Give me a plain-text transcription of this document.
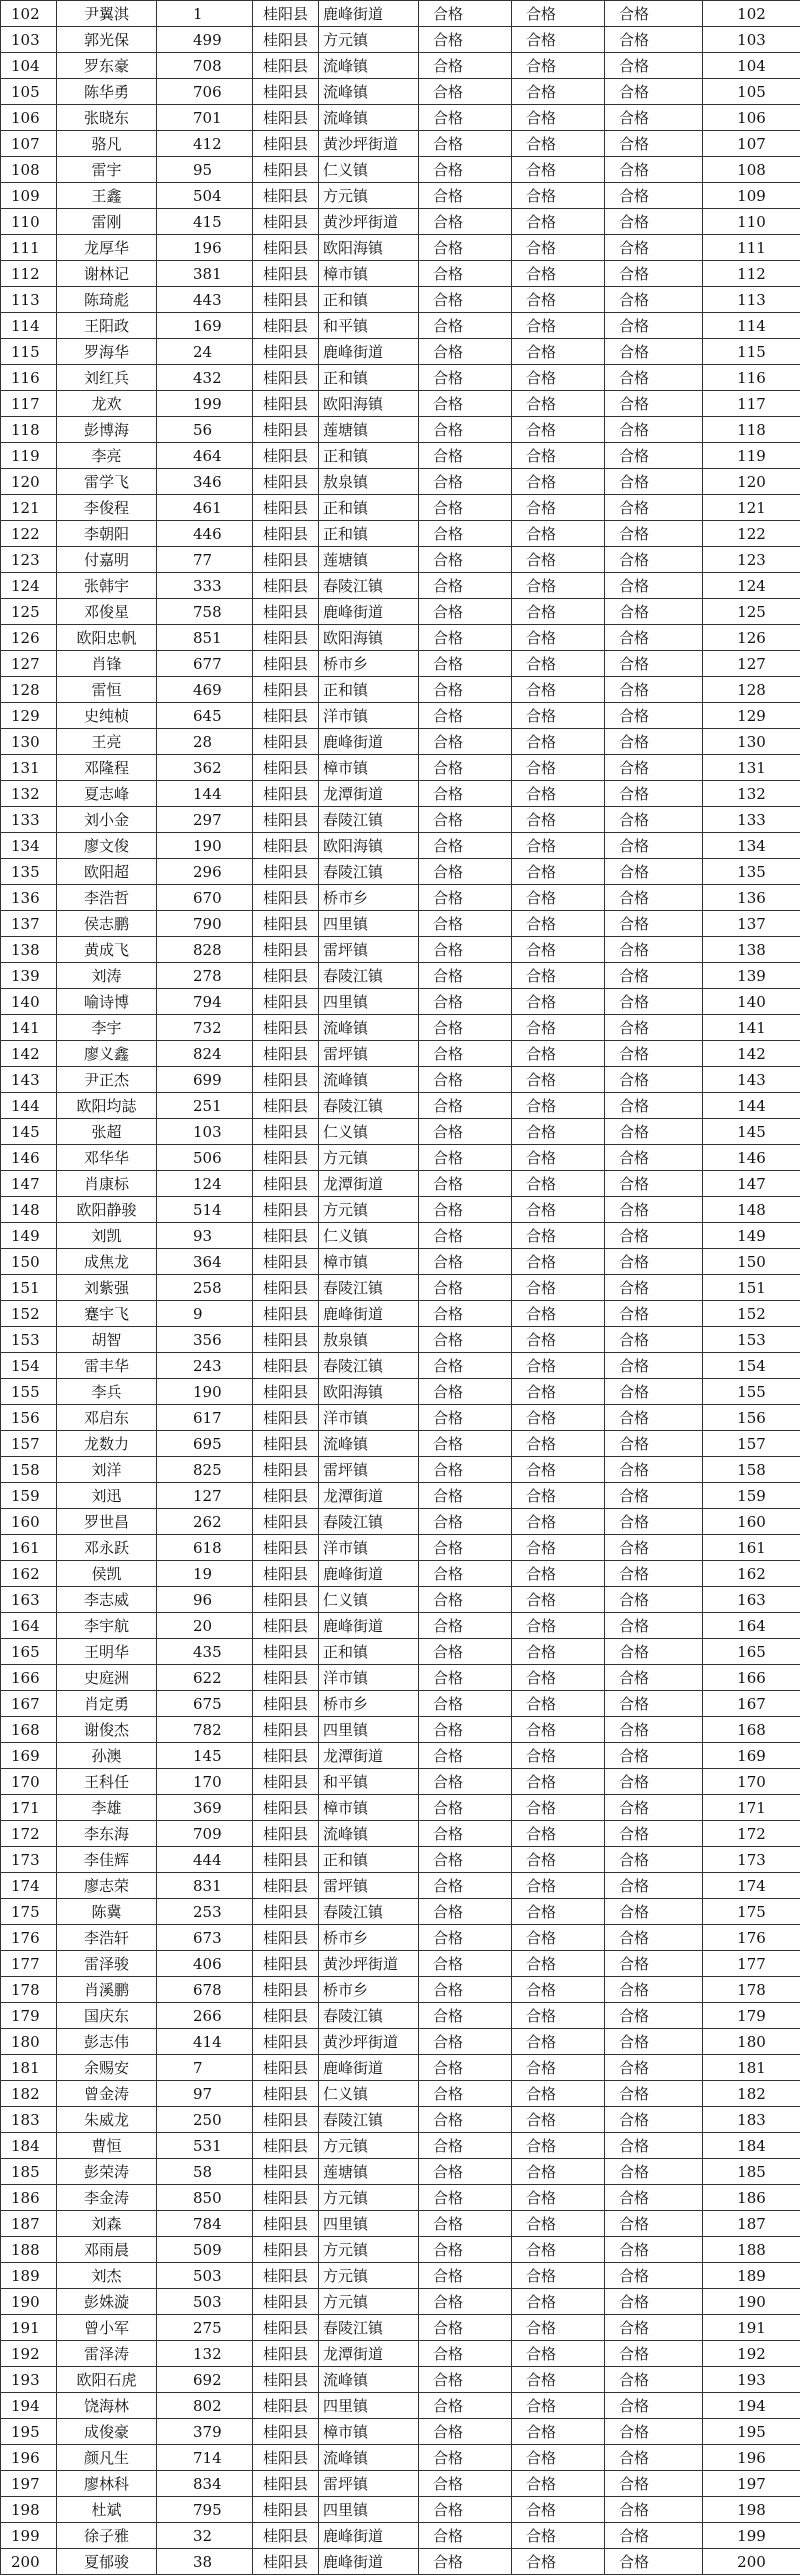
102	尹翼淇	1	桂阳县	鹿峰街道	合格	合格	合格	102
103	郭光保	499	桂阳县	方元镇	合格	合格	合格	103
104	罗东豪	708	桂阳县	流峰镇	合格	合格	合格	104
105	陈华勇	706	桂阳县	流峰镇	合格	合格	合格	105
106	张晓东	701	桂阳县	流峰镇	合格	合格	合格	106
107	骆凡	412	桂阳县	黄沙坪街道	合格	合格	合格	107
108	雷宇	95	桂阳县	仁义镇	合格	合格	合格	108
109	王鑫	504	桂阳县	方元镇	合格	合格	合格	109
110	雷刚	415	桂阳县	黄沙坪街道	合格	合格	合格	110
111	龙厚华	196	桂阳县	欧阳海镇	合格	合格	合格	111
112	谢林记	381	桂阳县	樟市镇	合格	合格	合格	112
113	陈琦彪	443	桂阳县	正和镇	合格	合格	合格	113
114	王阳政	169	桂阳县	和平镇	合格	合格	合格	114
115	罗海华	24	桂阳县	鹿峰街道	合格	合格	合格	115
116	刘红兵	432	桂阳县	正和镇	合格	合格	合格	116
117	龙欢	199	桂阳县	欧阳海镇	合格	合格	合格	117
118	彭博海	56	桂阳县	莲塘镇	合格	合格	合格	118
119	李亮	464	桂阳县	正和镇	合格	合格	合格	119
120	雷学飞	346	桂阳县	敖泉镇	合格	合格	合格	120
121	李俊程	461	桂阳县	正和镇	合格	合格	合格	121
122	李朝阳	446	桂阳县	正和镇	合格	合格	合格	122
123	付嘉明	77	桂阳县	莲塘镇	合格	合格	合格	123
124	张韩宇	333	桂阳县	春陵江镇	合格	合格	合格	124
125	邓俊星	758	桂阳县	鹿峰街道	合格	合格	合格	125
126	欧阳忠帆	851	桂阳县	欧阳海镇	合格	合格	合格	126
127	肖锋	677	桂阳县	桥市乡	合格	合格	合格	127
128	雷恒	469	桂阳县	正和镇	合格	合格	合格	128
129	史纯桢	645	桂阳县	洋市镇	合格	合格	合格	129
130	王亮	28	桂阳县	鹿峰街道	合格	合格	合格	130
131	邓隆程	362	桂阳县	樟市镇	合格	合格	合格	131
132	夏志峰	144	桂阳县	龙潭街道	合格	合格	合格	132
133	刘小金	297	桂阳县	春陵江镇	合格	合格	合格	133
134	廖文俊	190	桂阳县	欧阳海镇	合格	合格	合格	134
135	欧阳超	296	桂阳县	春陵江镇	合格	合格	合格	135
136	李浩哲	670	桂阳县	桥市乡	合格	合格	合格	136
137	侯志鹏	790	桂阳县	四里镇	合格	合格	合格	137
138	黄成飞	828	桂阳县	雷坪镇	合格	合格	合格	138
139	刘涛	278	桂阳县	春陵江镇	合格	合格	合格	139
140	喻诗博	794	桂阳县	四里镇	合格	合格	合格	140
141	李宇	732	桂阳县	流峰镇	合格	合格	合格	141
142	廖义鑫	824	桂阳县	雷坪镇	合格	合格	合格	142
143	尹正杰	699	桂阳县	流峰镇	合格	合格	合格	143
144	欧阳均誌	251	桂阳县	春陵江镇	合格	合格	合格	144
145	张超	103	桂阳县	仁义镇	合格	合格	合格	145
146	邓华华	506	桂阳县	方元镇	合格	合格	合格	146
147	肖康标	124	桂阳县	龙潭街道	合格	合格	合格	147
148	欧阳静骏	514	桂阳县	方元镇	合格	合格	合格	148
149	刘凯	93	桂阳县	仁义镇	合格	合格	合格	149
150	成焦龙	364	桂阳县	樟市镇	合格	合格	合格	150
151	刘紫强	258	桂阳县	春陵江镇	合格	合格	合格	151
152	蹇宇飞	9	桂阳县	鹿峰街道	合格	合格	合格	152
153	胡智	356	桂阳县	敖泉镇	合格	合格	合格	153
154	雷丰华	243	桂阳县	春陵江镇	合格	合格	合格	154
155	李兵	190	桂阳县	欧阳海镇	合格	合格	合格	155
156	邓启东	617	桂阳县	洋市镇	合格	合格	合格	156
157	龙数力	695	桂阳县	流峰镇	合格	合格	合格	157
158	刘洋	825	桂阳县	雷坪镇	合格	合格	合格	158
159	刘迅	127	桂阳县	龙潭街道	合格	合格	合格	159
160	罗世昌	262	桂阳县	春陵江镇	合格	合格	合格	160
161	邓永跃	618	桂阳县	洋市镇	合格	合格	合格	161
162	侯凯	19	桂阳县	鹿峰街道	合格	合格	合格	162
163	李志威	96	桂阳县	仁义镇	合格	合格	合格	163
164	李宇航	20	桂阳县	鹿峰街道	合格	合格	合格	164
165	王明华	435	桂阳县	正和镇	合格	合格	合格	165
166	史庭洲	622	桂阳县	洋市镇	合格	合格	合格	166
167	肖定勇	675	桂阳县	桥市乡	合格	合格	合格	167
168	谢俊杰	782	桂阳县	四里镇	合格	合格	合格	168
169	孙澳	145	桂阳县	龙潭街道	合格	合格	合格	169
170	王科任	170	桂阳县	和平镇	合格	合格	合格	170
171	李雄	369	桂阳县	樟市镇	合格	合格	合格	171
172	李东海	709	桂阳县	流峰镇	合格	合格	合格	172
173	李佳辉	444	桂阳县	正和镇	合格	合格	合格	173
174	廖志荣	831	桂阳县	雷坪镇	合格	合格	合格	174
175	陈冀	253	桂阳县	春陵江镇	合格	合格	合格	175
176	李浩轩	673	桂阳县	桥市乡	合格	合格	合格	176
177	雷泽骏	406	桂阳县	黄沙坪街道	合格	合格	合格	177
178	肖溪鹏	678	桂阳县	桥市乡	合格	合格	合格	178
179	国庆东	266	桂阳县	春陵江镇	合格	合格	合格	179
180	彭志伟	414	桂阳县	黄沙坪街道	合格	合格	合格	180
181	余赐安	7	桂阳县	鹿峰街道	合格	合格	合格	181
182	曾金涛	97	桂阳县	仁义镇	合格	合格	合格	182
183	朱威龙	250	桂阳县	春陵江镇	合格	合格	合格	183
184	曹恒	531	桂阳县	方元镇	合格	合格	合格	184
185	彭荣涛	58	桂阳县	莲塘镇	合格	合格	合格	185
186	李金涛	850	桂阳县	方元镇	合格	合格	合格	186
187	刘森	784	桂阳县	四里镇	合格	合格	合格	187
188	邓雨晨	509	桂阳县	方元镇	合格	合格	合格	188
189	刘杰	503	桂阳县	方元镇	合格	合格	合格	189
190	彭姝漩	503	桂阳县	方元镇	合格	合格	合格	190
191	曾小军	275	桂阳县	春陵江镇	合格	合格	合格	191
192	雷泽涛	132	桂阳县	龙潭街道	合格	合格	合格	192
193	欧阳石虎	692	桂阳县	流峰镇	合格	合格	合格	193
194	饶海林	802	桂阳县	四里镇	合格	合格	合格	194
195	成俊豪	379	桂阳县	樟市镇	合格	合格	合格	195
196	颜凡生	714	桂阳县	流峰镇	合格	合格	合格	196
197	廖林科	834	桂阳县	雷坪镇	合格	合格	合格	197
198	杜斌	795	桂阳县	四里镇	合格	合格	合格	198
199	徐子雅	32	桂阳县	鹿峰街道	合格	合格	合格	199
200	夏郁骏	38	桂阳县	鹿峰街道	合格	合格	合格	200
